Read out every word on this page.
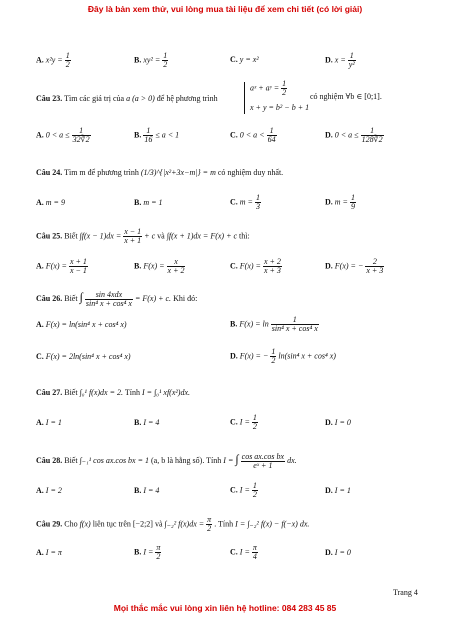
Đây là bản xem thử, vui lòng mua tài liệu để xem chi tiết (có lời giải)
A. $x^2y = \frac{1}{2}$	B. $xy^2 = \frac{1}{2}$	C. y = x²	D. $x = \frac{1}{\text{y²}}$
Câu 23. Tìm các giá trị của a (a > 0) để hệ phương trình
aˣ + aʸ = $\frac{1}{2}$
x + y = b² − b + 1
có nghiệm ∀b ∈ [0;1].
A. $0 < a \le \frac{1}{32∛2}$	B. $\frac{1}{16} \le a < 1$	C. $0 < a < \frac{1}{64}$	D. $0 < a \le \frac{1}{128∛2}$
Câu 24. Tìm m để phương trình (1/3)^{|x²+3x−m|} = m có nghiệm duy nhất.
A. m = 9	B. m = 1	C. $m = \frac{1}{3}$	D. $m = \frac{1}{9}$
Câu 25. Biết $\int f(x - 1)dx = \frac{x - 1}{x + 1} + c$ và ∫f(x + 1)dx = F(x) + c thì:
A. $F(x) = \frac{x + 1}{x - 1}$	B. $F(x) = \frac{x}{x + 2}$	C. $F(x) = \frac{x + 2}{x + 3}$	D. F(x) = − $\frac{2}{x + 3}$
Câu 26. Biết ∫ $\frac{\text{sin 4xdx}}{\text{sin⁴ x + cos⁴ x}} = F(x) + c$. Khi đó:
A. F(x) = ln(sin⁴ x + cos⁴ x)	B. $F(x) = \ln \frac{1}{\text{sin⁴ x + cos⁴ x}}$
C. F(x) = 2ln(sin⁴ x + cos⁴ x)	D. F(x) = − $\frac{1}{2} \ln(\sin^4$ x + cos⁴ x)
Câu 27. Biết ∫₀¹ f(x)dx = 2. Tính I = ∫₀¹ xf(x²)dx.
A. I = 1	B. I = 4	C. $I = \frac{1}{2}$	D. I = 0
Câu 28. Biết ∫₋₁¹ cos ax.cos bx = 1 (a, b là hằng số). Tính I = ∫ $\frac{\text{cos ax.cos bx}}{\text{eˣ + 1}}$ dx.
A. I = 2	B. I = 4	C. $I = \frac{1}{2}$	D. I = 1
Câu 29. Cho f(x) liên tục trên [−2;2] và ∫₋₂² $f(x)dx = \frac{\pi}{2}$ . Tính I = ∫₋₂² f(x) − f(−x) dx.
A. I = π	B. $I = \frac{\pi}{2}$	C. $I = \frac{\pi}{4}$	D. I = 0
Trang 4
Mọi thắc mắc vui lòng xin liên hệ hotline: 084 283 45 85
